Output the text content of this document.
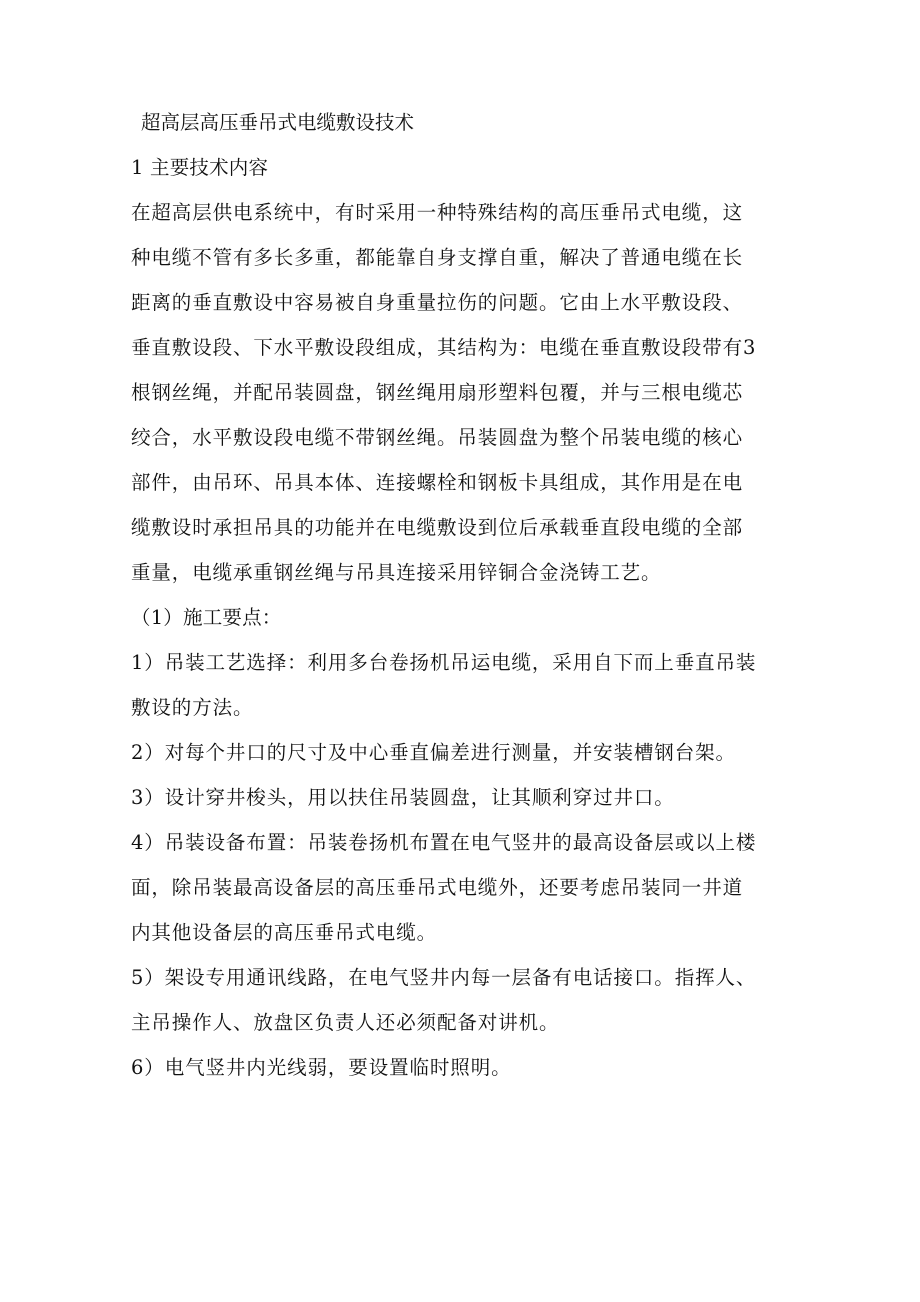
超高层高压垂吊式电缆敷设技术
1 主要技术内容
在超高层供电系统中，有时采用一种特殊结构的高压垂吊式电缆，这
种电缆不管有多长多重，都能靠自身支撑自重，解决了普通电缆在长
距离的垂直敷设中容易被自身重量拉伤的问题。它由上水平敷设段、
垂直敷设段、下水平敷设段组成，其结构为：电缆在垂直敷设段带有3
根钢丝绳，并配吊装圆盘，钢丝绳用扇形塑料包覆，并与三根电缆芯
绞合，水平敷设段电缆不带钢丝绳。吊装圆盘为整个吊装电缆的核心
部件，由吊环、吊具本体、连接螺栓和钢板卡具组成，其作用是在电
缆敷设时承担吊具的功能并在电缆敷设到位后承载垂直段电缆的全部
重量，电缆承重钢丝绳与吊具连接采用锌铜合金浇铸工艺。
（1）施工要点：
1）吊装工艺选择：利用多台卷扬机吊运电缆，采用自下而上垂直吊装
敷设的方法。
2）对每个井口的尺寸及中心垂直偏差进行测量，并安装槽钢台架。
3）设计穿井梭头，用以扶住吊装圆盘，让其顺利穿过井口。
4）吊装设备布置：吊装卷扬机布置在电气竖井的最高设备层或以上楼
面，除吊装最高设备层的高压垂吊式电缆外，还要考虑吊装同一井道
内其他设备层的高压垂吊式电缆。
5）架设专用通讯线路，在电气竖井内每一层备有电话接口。指挥人、
主吊操作人、放盘区负责人还必须配备对讲机。
6）电气竖井内光线弱，要设置临时照明。
